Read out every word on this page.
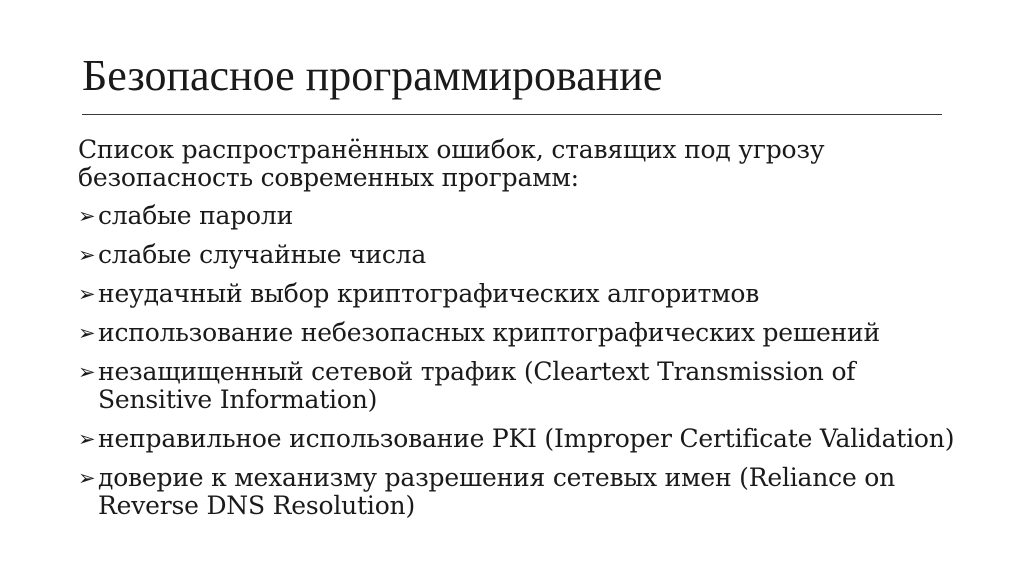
Безопасное программирование

Список распространённых ошибок, ставящих под угрозу безопасность современных программ:

➢ слабые пароли
➢ слабые случайные числа
➢ неудачный выбор криптографических алгоритмов
➢ использование небезопасных криптографических решений
➢ незащищенный сетевой трафик (Cleartext Transmission of Sensitive Information)
➢ неправильное использование PKI (Improper Certificate Validation)
➢ доверие к механизму разрешения сетевых имен (Reliance on Reverse DNS Resolution)
